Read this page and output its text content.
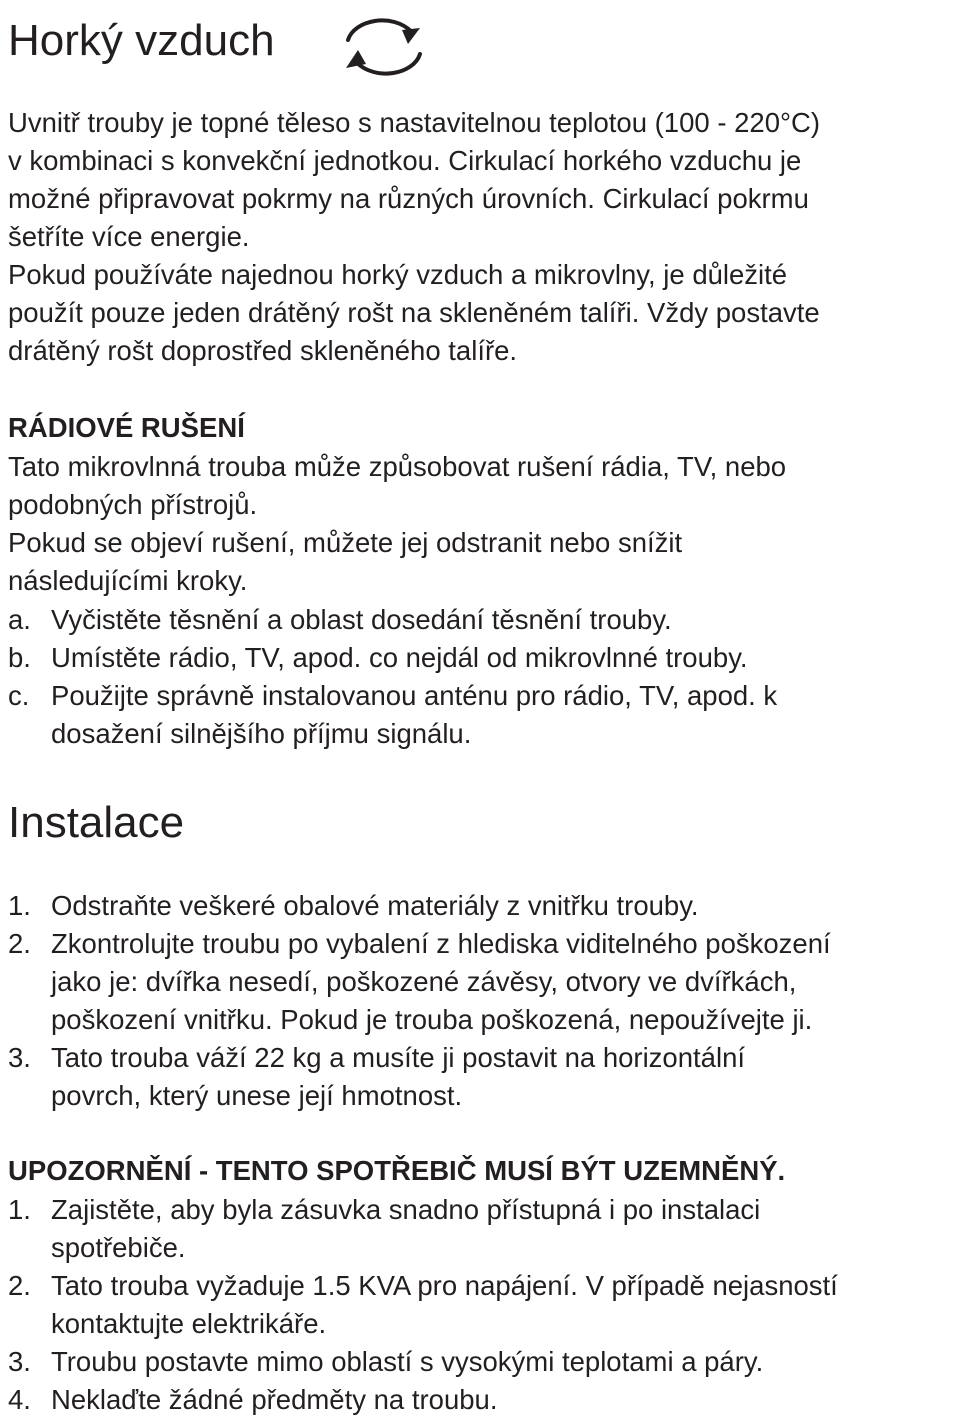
Horký vzduch
Uvnitř trouby je topné těleso s nastavitelnou teplotou (100 - 220°C)
v kombinaci s konvekční jednotkou. Cirkulací horkého vzduchu je
možné připravovat pokrmy na různých úrovních. Cirkulací pokrmu
šetříte více energie.
Pokud používáte najednou horký vzduch a mikrovlny, je důležité
použít pouze jeden drátěný rošt na skleněném talíři. Vždy postavte
drátěný rošt doprostřed skleněného talíře.
RÁDIOVÉ RUŠENÍ
Tato mikrovlnná trouba může způsobovat rušení rádia, TV, nebo
podobných přístrojů.
Pokud se objeví rušení, můžete jej odstranit nebo snížit
následujícími kroky.
a. Vyčistěte těsnění a oblast dosedání těsnění trouby.
b. Umístěte rádio, TV, apod. co nejdál od mikrovlnné trouby.
c. Použijte správně instalovanou anténu pro rádio, TV, apod. k
dosažení silnějšího příjmu signálu.
Instalace
1. Odstraňte veškeré obalové materiály z vnitřku trouby.
2. Zkontrolujte troubu po vybalení z hlediska viditelného poškození
jako je: dvířka nesedí, poškozené závěsy, otvory ve dvířkách,
poškození vnitřku. Pokud je trouba poškozená, nepoužívejte ji.
3. Tato trouba váží 22 kg a musíte ji postavit na horizontální
povrch, který unese její hmotnost.
UPOZORNĚNÍ - TENTO SPOTŘEBIČ MUSÍ BÝT UZEMNĚNÝ.
1. Zajistěte, aby byla zásuvka snadno přístupná i po instalaci
spotřebiče.
2. Tato trouba vyžaduje 1.5 KVA pro napájení. V případě nejasností
kontaktujte elektrikáře.
3. Troubu postavte mimo oblastí s vysokými teplotami a páry.
4. Neklaďte žádné předměty na troubu.
